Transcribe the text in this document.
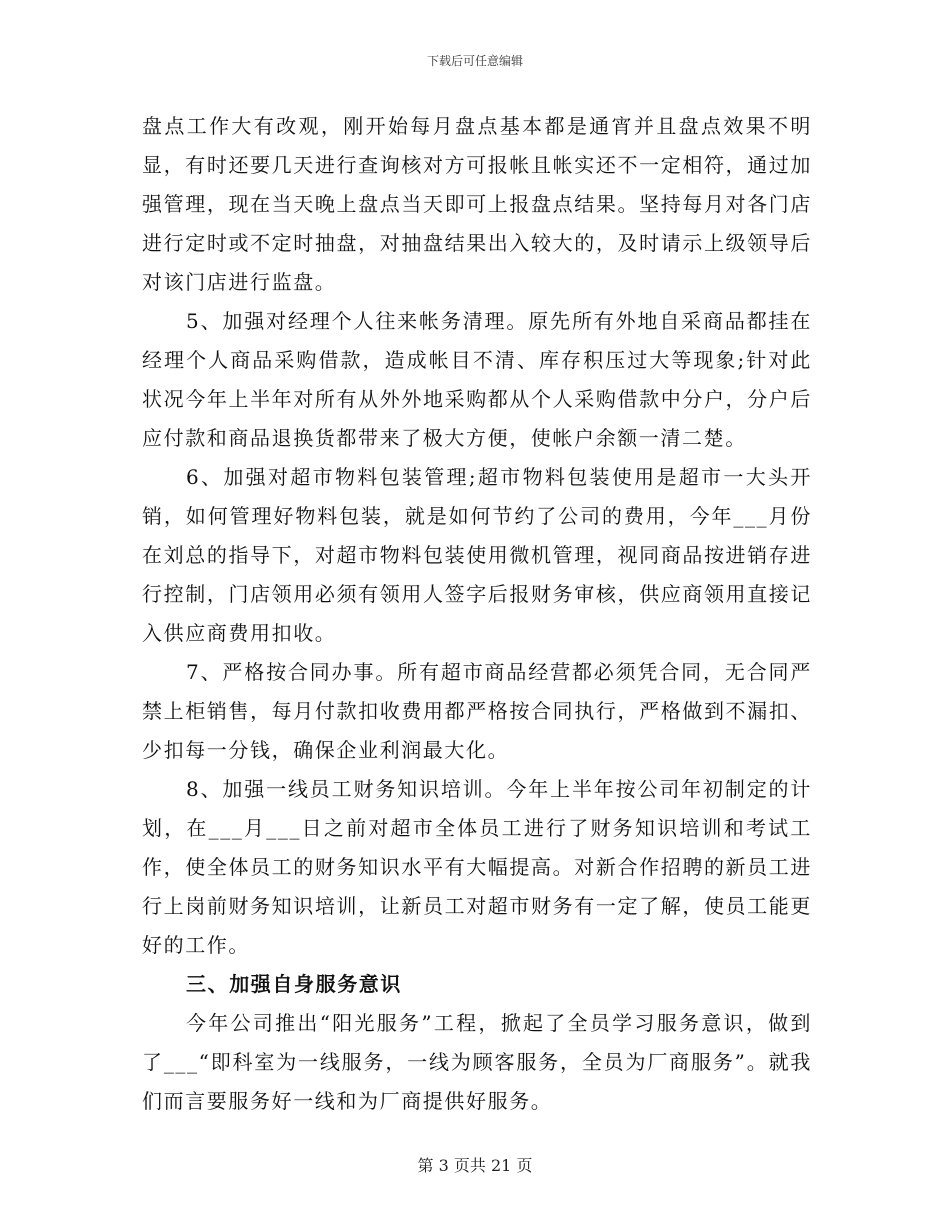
下载后可任意编辑

盘点工作大有改观，刚开始每月盘点基本都是通宵并且盘点效果不明显，有时还要几天进行查询核对方可报帐且帐实还不一定相符，通过加强管理，现在当天晚上盘点当天即可上报盘点结果。坚持每月对各门店进行定时或不定时抽盘，对抽盘结果出入较大的，及时请示上级领导后对该门店进行监盘。

5、加强对经理个人往来帐务清理。原先所有外地自采商品都挂在经理个人商品采购借款，造成帐目不清、库存积压过大等现象;针对此状况今年上半年对所有从外外地采购都从个人采购借款中分户，分户后应付款和商品退换货都带来了极大方便，使帐户余额一清二楚。

6、加强对超市物料包装管理;超市物料包装使用是超市一大头开销，如何管理好物料包装，就是如何节约了公司的费用，今年___月份在刘总的指导下，对超市物料包装使用微机管理，视同商品按进销存进行控制，门店领用必须有领用人签字后报财务审核，供应商领用直接记入供应商费用扣收。

7、严格按合同办事。所有超市商品经营都必须凭合同，无合同严禁上柜销售，每月付款扣收费用都严格按合同执行，严格做到不漏扣、少扣每一分钱，确保企业利润最大化。

8、加强一线员工财务知识培训。今年上半年按公司年初制定的计划，在___月___日之前对超市全体员工进行了财务知识培训和考试工作，使全体员工的财务知识水平有大幅提高。对新合作招聘的新员工进行上岗前财务知识培训，让新员工对超市财务有一定了解，使员工能更好的工作。

三、加强自身服务意识

今年公司推出“阳光服务”工程，掀起了全员学习服务意识，做到了___“即科室为一线服务，一线为顾客服务，全员为厂商服务”。就我们而言要服务好一线和为厂商提供好服务。

第 3 页共 21 页
